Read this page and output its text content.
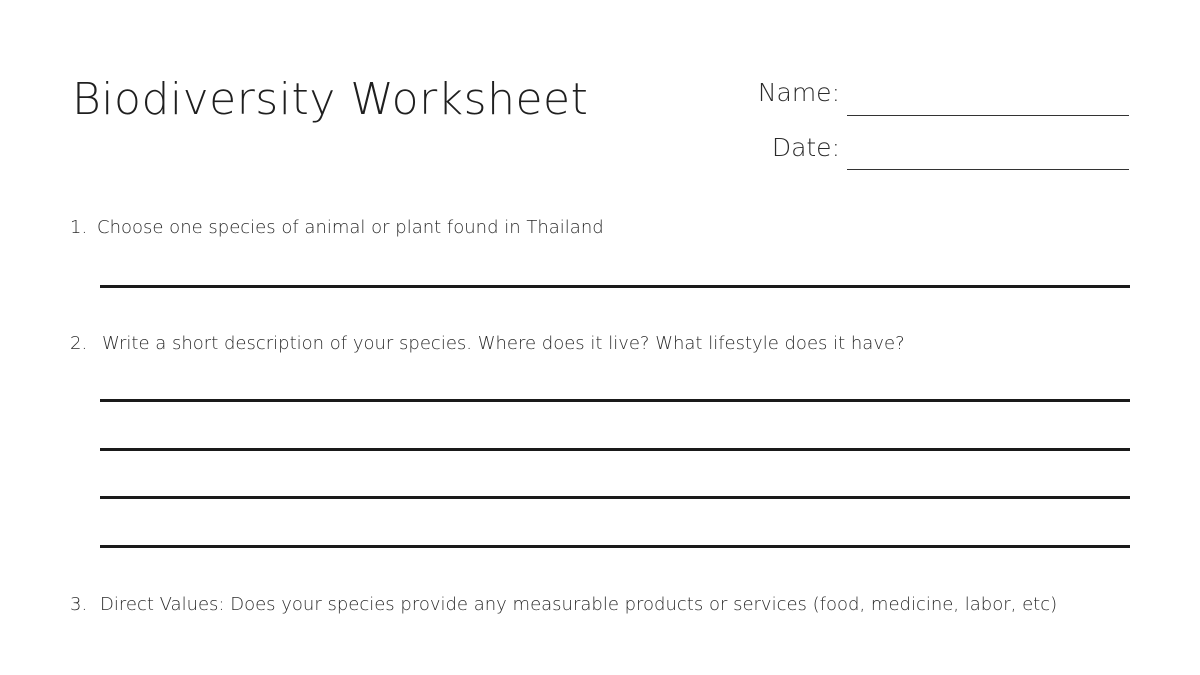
Biodiversity Worksheet	Name:
Date:
1. Choose one species of animal or plant found in Thailand
2. Write a short description of your species. Where does it live? What lifestyle does it have?
3. Direct Values: Does your species provide any measurable products or services (food, medicine, labor, etc)
